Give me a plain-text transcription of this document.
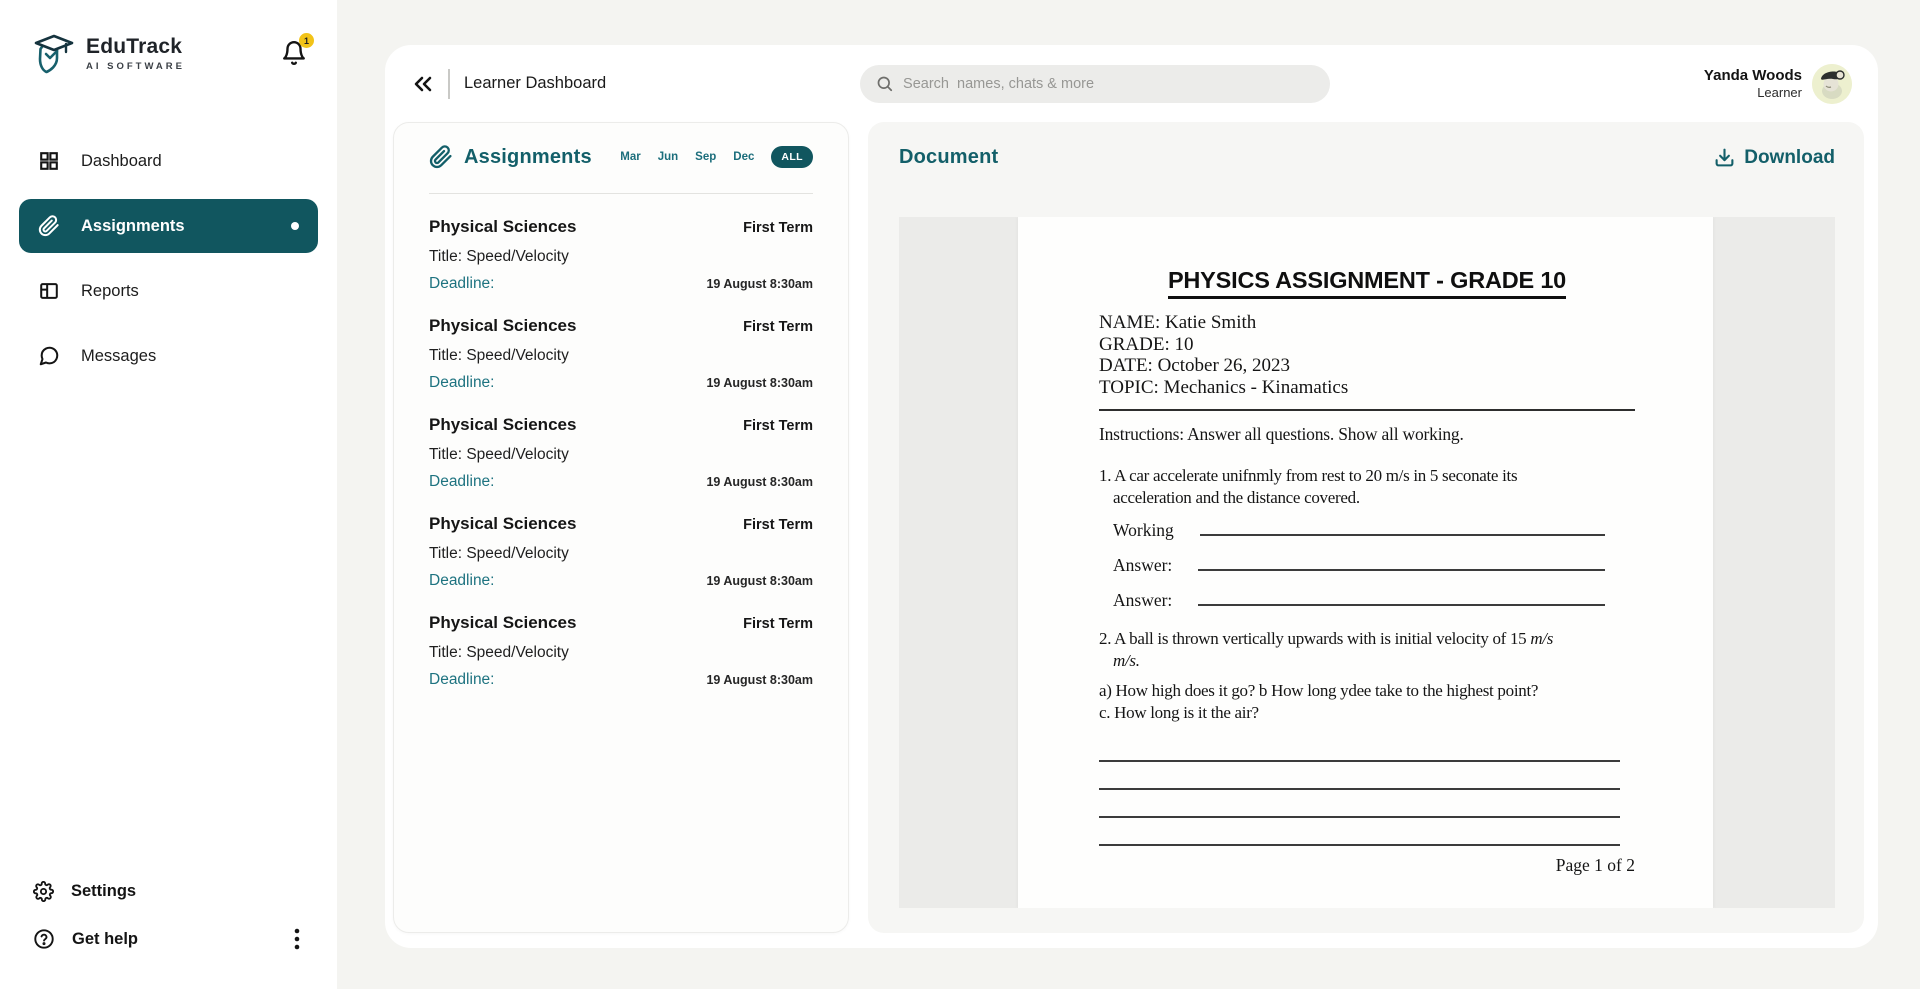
EduTrack
AI SOFTWARE
1
Dashboard
Assignments
Reports
Messages
Settings
Get help
Learner Dashboard
Search names, chats & more	Yanda Woods
Learner
Assignments Mar Jun Sep Dec	ALL
Physical Sciences	First Term
Title: Speed/Velocity
Deadline:	19 August 8:30am
Physical Sciences	First Term
Title: Speed/Velocity
Deadline:	19 August 8:30am
Physical Sciences	First Term
Title: Speed/Velocity
Deadline:	19 August 8:30am
Physical Sciences	First Term
Title: Speed/Velocity
Deadline:	19 August 8:30am
Physical Sciences	First Term
Title: Speed/Velocity
Deadline:	19 August 8:30am
Document	Download
PHYSICS ASSIGNMENT - GRADE 10
NAME: Katie Smith
GRADE: 10
DATE: October 26, 2023
TOPIC: Mechanics - Kinamatics
Instructions: Answer all questions. Show all working.
1. A car accelerate unifnmly from rest to 20 m/s in 5 seconate its
acceleration and the distance covered.
Working
Answer:
Answer:
2. A ball is thrown vertically upwards with is initial velocity of 15 m/s
m/s.
a) How high does it go? b How long ydee take to the highest point?
c. How long is it the air?
Page 1 of 2
